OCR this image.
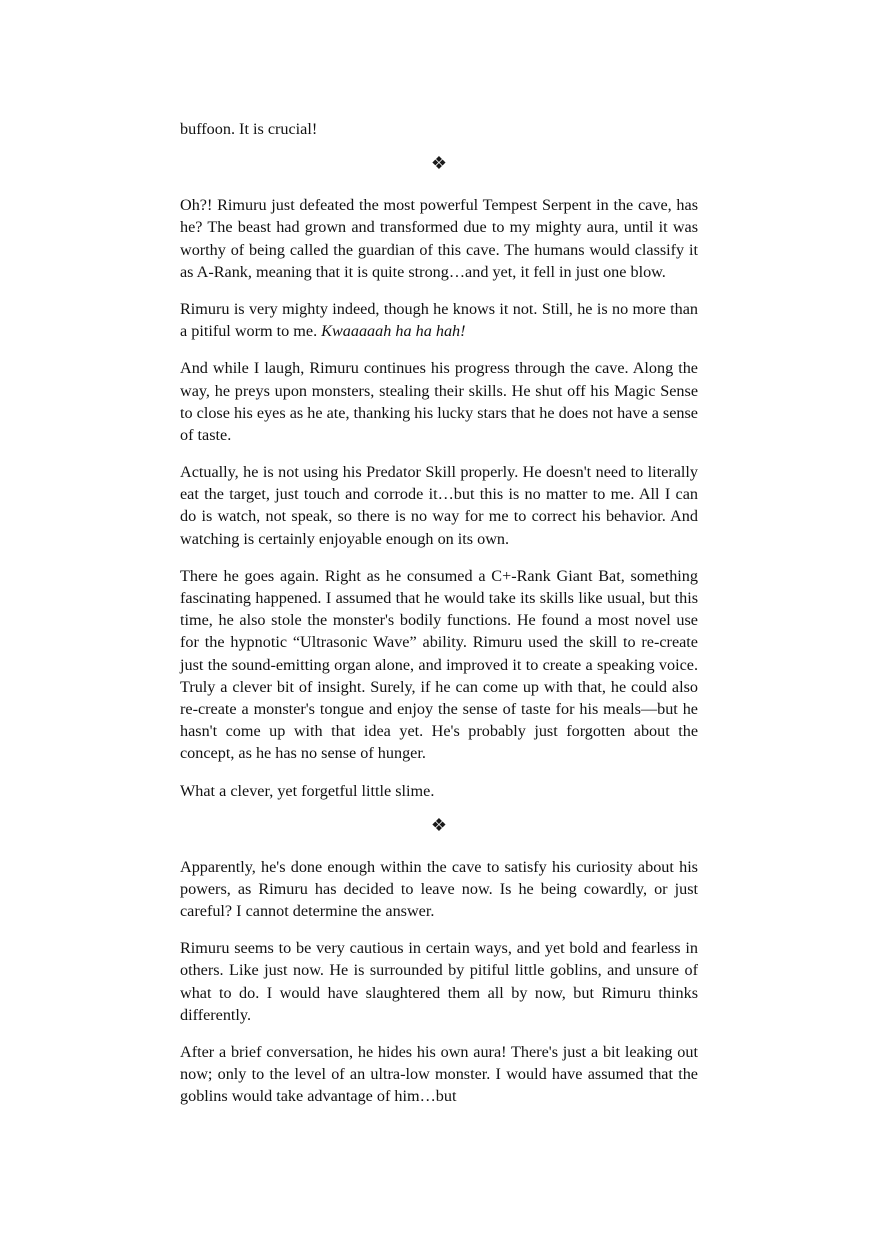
buffoon. It is crucial!

❖

Oh?! Rimuru just defeated the most powerful Tempest Serpent in the cave, has he? The beast had grown and transformed due to my mighty aura, until it was worthy of being called the guardian of this cave. The humans would classify it as A-Rank, meaning that it is quite strong…and yet, it fell in just one blow.

Rimuru is very mighty indeed, though he knows it not. Still, he is no more than a pitiful worm to me. Kwaaaaah ha ha hah!

And while I laugh, Rimuru continues his progress through the cave. Along the way, he preys upon monsters, stealing their skills. He shut off his Magic Sense to close his eyes as he ate, thanking his lucky stars that he does not have a sense of taste.

Actually, he is not using his Predator Skill properly. He doesn't need to literally eat the target, just touch and corrode it…but this is no matter to me. All I can do is watch, not speak, so there is no way for me to correct his behavior. And watching is certainly enjoyable enough on its own.

There he goes again. Right as he consumed a C+-Rank Giant Bat, something fascinating happened. I assumed that he would take its skills like usual, but this time, he also stole the monster's bodily functions. He found a most novel use for the hypnotic “Ultrasonic Wave” ability. Rimuru used the skill to re-create just the sound-emitting organ alone, and improved it to create a speaking voice. Truly a clever bit of insight. Surely, if he can come up with that, he could also re-create a monster's tongue and enjoy the sense of taste for his meals—but he hasn't come up with that idea yet. He's probably just forgotten about the concept, as he has no sense of hunger.

What a clever, yet forgetful little slime.

❖

Apparently, he's done enough within the cave to satisfy his curiosity about his powers, as Rimuru has decided to leave now. Is he being cowardly, or just careful? I cannot determine the answer.

Rimuru seems to be very cautious in certain ways, and yet bold and fearless in others. Like just now. He is surrounded by pitiful little goblins, and unsure of what to do. I would have slaughtered them all by now, but Rimuru thinks differently.

After a brief conversation, he hides his own aura! There's just a bit leaking out now; only to the level of an ultra-low monster. I would have assumed that the goblins would take advantage of him…but
